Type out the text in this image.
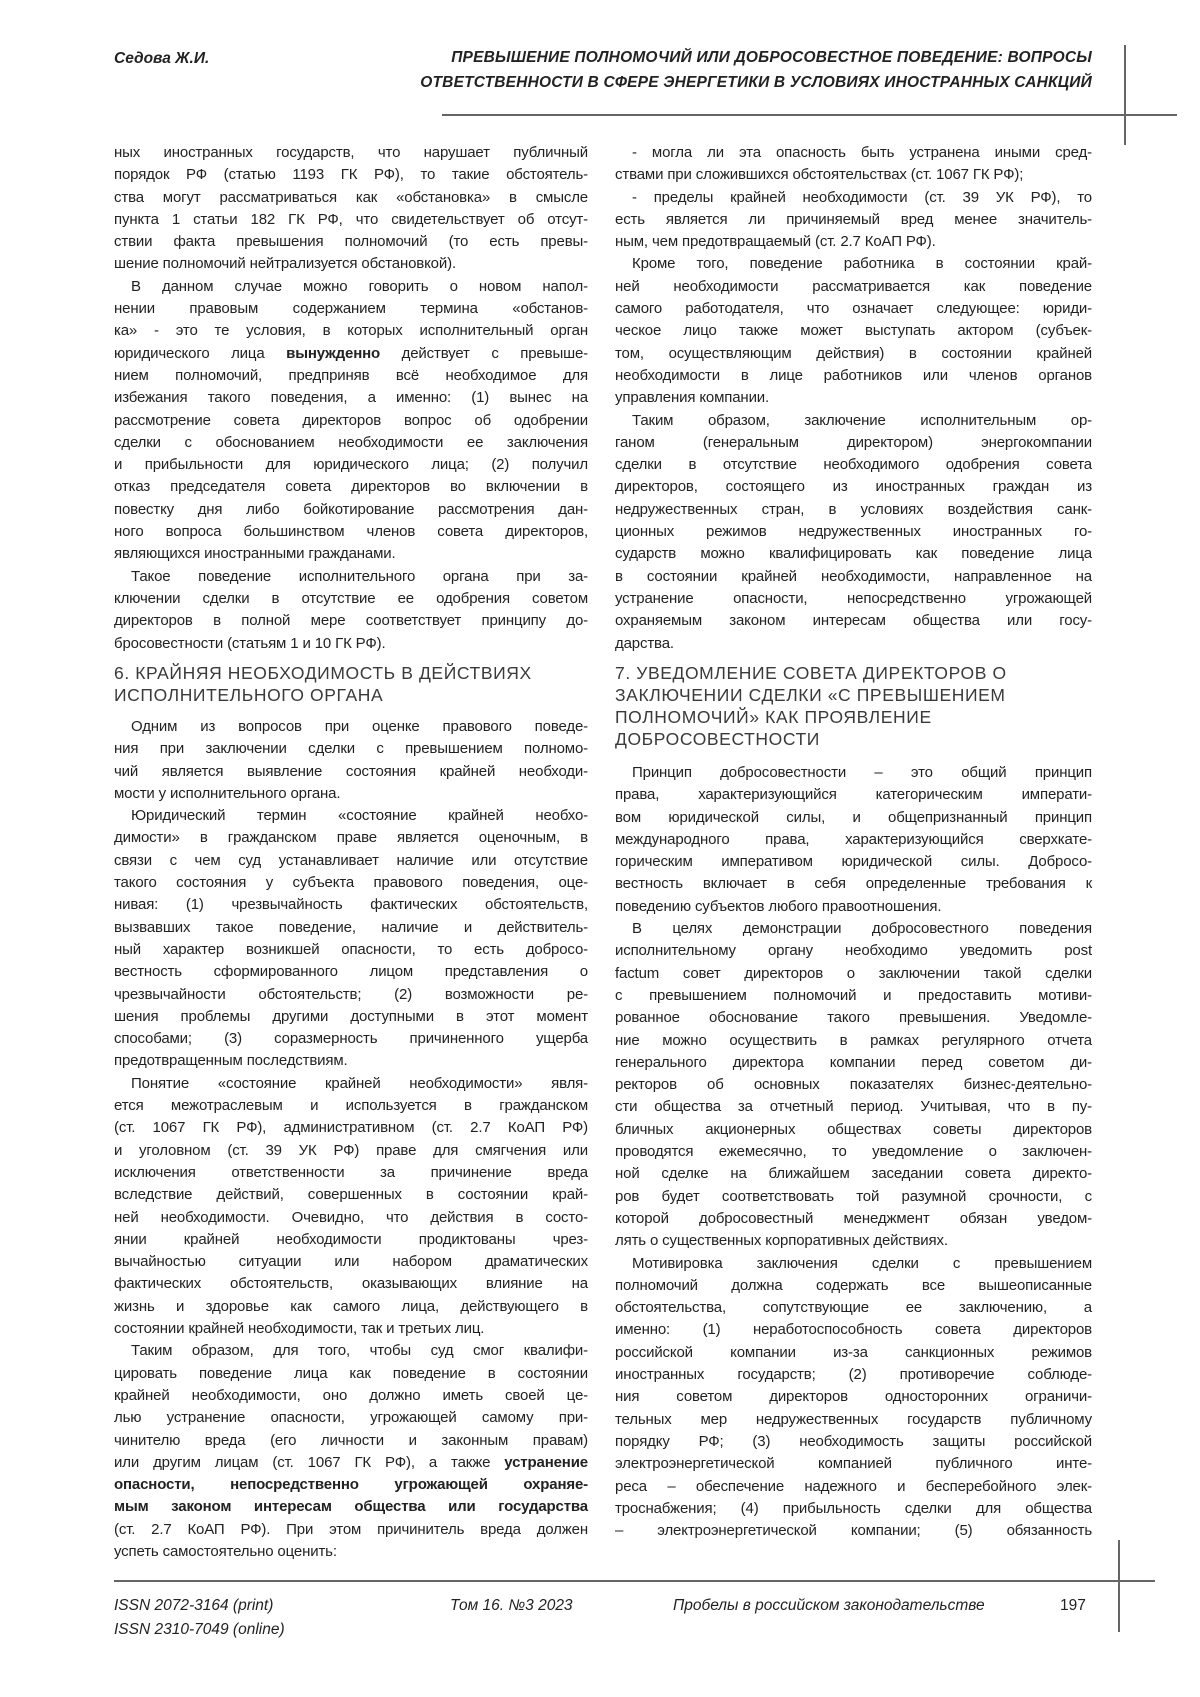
Седова Ж.И.	ПРЕВЫШЕНИЕ ПОЛНОМОЧИЙ ИЛИ ДОБРОСОВЕСТНОЕ ПОВЕДЕНИЕ: ВОПРОСЫ
ОТВЕТСТВЕННОСТИ В СФЕРЕ ЭНЕРГЕТИКИ В УСЛОВИЯХ ИНОСТРАННЫХ САНКЦИЙ
ных иностранных государств, что нарушает публичный
порядок РФ (статью 1193 ГК РФ), то такие обстоятель-
ства могут рассматриваться как «обстановка» в смысле
пункта 1 статьи 182 ГК РФ, что свидетельствует об отсут-
ствии факта превышения полномочий (то есть превы-
шение полномочий нейтрализуется обстановкой).
В данном случае можно говорить о новом напол-
нении правовым содержанием термина «обстанов-
ка» - это те условия, в которых исполнительный орган
юридического лица вынужденно действует с превыше-
нием полномочий, предприняв всё необходимое для
избежания такого поведения, а именно: (1) вынес на
рассмотрение совета директоров вопрос об одобрении
сделки с обоснованием необходимости ее заключения
и прибыльности для юридического лица; (2) получил
отказ председателя совета директоров во включении в
повестку дня либо бойкотирование рассмотрения дан-
ного вопроса большинством членов совета директоров,
являющихся иностранными гражданами.
Такое поведение исполнительного органа при за-
ключении сделки в отсутствие ее одобрения советом
директоров в полной мере соответствует принципу до-
бросовестности (статьям 1 и 10 ГК РФ).
6. КРАЙНЯЯ НЕОБХОДИМОСТЬ В ДЕЙСТВИЯХ
ИСПОЛНИТЕЛЬНОГО ОРГАНА
Одним из вопросов при оценке правового поведе-
ния при заключении сделки с превышением полномо-
чий является выявление состояния крайней необходи-
мости у исполнительного органа.
Юридический термин «состояние крайней необхо-
димости» в гражданском праве является оценочным, в
связи с чем суд устанавливает наличие или отсутствие
такого состояния у субъекта правового поведения, оце-
нивая: (1) чрезвычайность фактических обстоятельств,
вызвавших такое поведение, наличие и действитель-
ный характер возникшей опасности, то есть добросо-
вестность сформированного лицом представления о
чрезвычайности обстоятельств; (2) возможности ре-
шения проблемы другими доступными в этот момент
способами; (3) соразмерность причиненного ущерба
предотвращенным последствиям.
Понятие «состояние крайней необходимости» явля-
ется межотраслевым и используется в гражданском
(ст. 1067 ГК РФ), административном (ст. 2.7 КоАП РФ)
и уголовном (ст. 39 УК РФ) праве для смягчения или
исключения ответственности за причинение вреда
вследствие действий, совершенных в состоянии край-
ней необходимости. Очевидно, что действия в состо-
янии крайней необходимости продиктованы чрез-
вычайностью ситуации или набором драматических
фактических обстоятельств, оказывающих влияние на
жизнь и здоровье как самого лица, действующего в
состоянии крайней необходимости, так и третьих лиц.
Таким образом, для того, чтобы суд смог квалифи-
цировать поведение лица как поведение в состоянии
крайней необходимости, оно должно иметь своей це-
лью устранение опасности, угрожающей самому при-
чинителю вреда (его личности и законным правам)
или другим лицам (ст. 1067 ГК РФ), а также устранение
опасности, непосредственно угрожающей охраняе-
мым законом интересам общества или государства
(ст. 2.7 КоАП РФ). При этом причинитель вреда должен
успеть самостоятельно оценить:
- могла ли эта опасность быть устранена иными сред-
ствами при сложившихся обстоятельствах (ст. 1067 ГК РФ);
- пределы крайней необходимости (ст. 39 УК РФ), то
есть является ли причиняемый вред менее значитель-
ным, чем предотвращаемый (ст. 2.7 КоАП РФ).
Кроме того, поведение работника в состоянии край-
ней необходимости рассматривается как поведение
самого работодателя, что означает следующее: юриди-
ческое лицо также может выступать актором (субъек-
том, осуществляющим действия) в состоянии крайней
необходимости в лице работников или членов органов
управления компании.
Таким образом, заключение исполнительным ор-
ганом (генеральным директором) энергокомпании
сделки в отсутствие необходимого одобрения совета
директоров, состоящего из иностранных граждан из
недружественных стран, в условиях воздействия санк-
ционных режимов недружественных иностранных го-
сударств можно квалифицировать как поведение лица
в состоянии крайней необходимости, направленное на
устранение опасности, непосредственно угрожающей
охраняемым законом интересам общества или госу-
дарства.
7. УВЕДОМЛЕНИЕ СОВЕТА ДИРЕКТОРОВ О
ЗАКЛЮЧЕНИИ СДЕЛКИ «С ПРЕВЫШЕНИЕМ
ПОЛНОМОЧИЙ» КАК ПРОЯВЛЕНИЕ
ДОБРОСОВЕСТНОСТИ
Принцип добросовестности – это общий принцип
права, характеризующийся категорическим императи-
вом юридической силы, и общепризнанный принцип
международного права, характеризующийся сверхкате-
горическим императивом юридической силы. Добросо-
вестность включает в себя определенные требования к
поведению субъектов любого правоотношения.
В целях демонстрации добросовестного поведения
исполнительному органу необходимо уведомить post
factum совет директоров о заключении такой сделки
с превышением полномочий и предоставить мотиви-
рованное обоснование такого превышения. Уведомле-
ние можно осуществить в рамках регулярного отчета
генерального директора компании перед советом ди-
ректоров об основных показателях бизнес-деятельно-
сти общества за отчетный период. Учитывая, что в пу-
бличных акционерных обществах советы директоров
проводятся ежемесячно, то уведомление о заключен-
ной сделке на ближайшем заседании совета директо-
ров будет соответствовать той разумной срочности, с
которой добросовестный менеджмент обязан уведом-
лять о существенных корпоративных действиях.
Мотивировка заключения сделки с превышением
полномочий должна содержать все вышеописанные
обстоятельства, сопутствующие ее заключению, а
именно: (1) неработоспособность совета директоров
российской компании из-за санкционных режимов
иностранных государств; (2) противоречие соблюде-
ния советом директоров односторонних ограничи-
тельных мер недружественных государств публичному
порядку РФ; (3) необходимость защиты российской
электроэнергетической компанией публичного инте-
реса – обеспечение надежного и бесперебойного элек-
троснабжения; (4) прибыльность сделки для общества
– электроэнергетической компании; (5) обязанность
ISSN 2072-3164 (print)
ISSN 2310-7049 (online)
Том 16. №3 2023	Пробелы в российском законодательстве	197
